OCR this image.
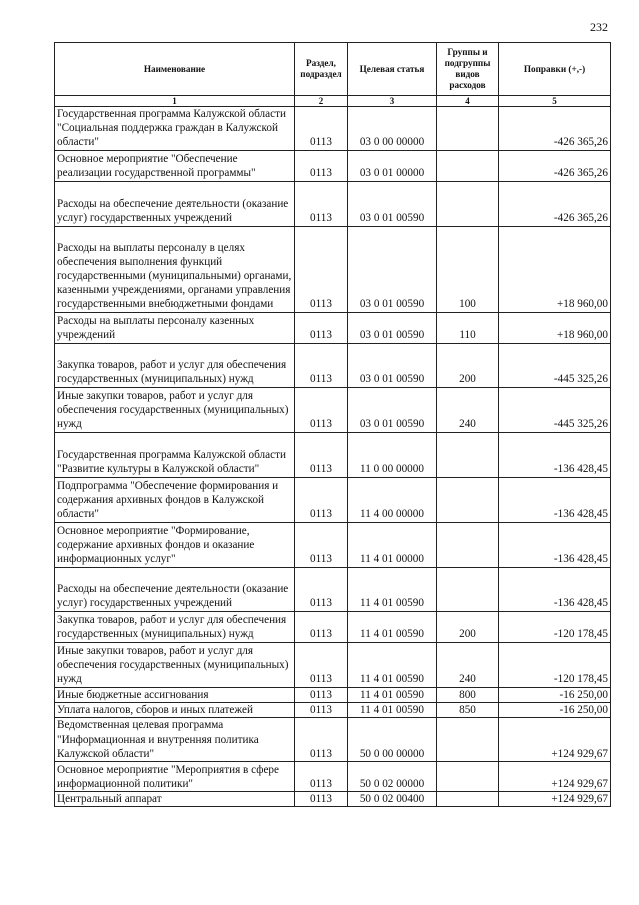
232
Наименование	Раздел, подраздел	Целевая статья	Группы и подгруппы видов расходов	Поправки (+,-)
1	2	3	4	5
Государственная программа Калужской области "Социальная поддержка граждан в Калужской области"	0113	03 0 00 00000		-426 365,26
Основное мероприятие "Обеспечение реализации государственной программы"	0113	03 0 01 00000		-426 365,26
Расходы на обеспечение деятельности (оказание услуг) государственных учреждений	0113	03 0 01 00590		-426 365,26
Расходы на выплаты персоналу в целях обеспечения выполнения функций государственными (муниципальными) органами, казенными учреждениями, органами управления государственными внебюджетными фондами	0113	03 0 01 00590	100	+18 960,00
Расходы на выплаты персоналу казенных учреждений	0113	03 0 01 00590	110	+18 960,00
Закупка товаров, работ и услуг для обеспечения государственных (муниципальных) нужд	0113	03 0 01 00590	200	-445 325,26
Иные закупки товаров, работ и услуг для обеспечения государственных (муниципальных) нужд	0113	03 0 01 00590	240	-445 325,26
Государственная программа Калужской области "Развитие культуры в Калужской области"	0113	11 0 00 00000		-136 428,45
Подпрограмма "Обеспечение формирования и содержания архивных фондов в Калужской области"	0113	11 4 00 00000		-136 428,45
Основное мероприятие "Формирование, содержание архивных фондов и оказание информационных услуг"	0113	11 4 01 00000		-136 428,45
Расходы на обеспечение деятельности (оказание услуг) государственных учреждений	0113	11 4 01 00590		-136 428,45
Закупка товаров, работ и услуг для обеспечения государственных (муниципальных) нужд	0113	11 4 01 00590	200	-120 178,45
Иные закупки товаров, работ и услуг для обеспечения государственных (муниципальных) нужд	0113	11 4 01 00590	240	-120 178,45
Иные бюджетные ассигнования	0113	11 4 01 00590	800	-16 250,00
Уплата налогов, сборов и иных платежей	0113	11 4 01 00590	850	-16 250,00
Ведомственная целевая программа "Информационная и внутренняя политика Калужской области"	0113	50 0 00 00000		+124 929,67
Основное мероприятие "Мероприятия в сфере информационной политики"	0113	50 0 02 00000		+124 929,67
Центральный аппарат	0113	50 0 02 00400		+124 929,67
